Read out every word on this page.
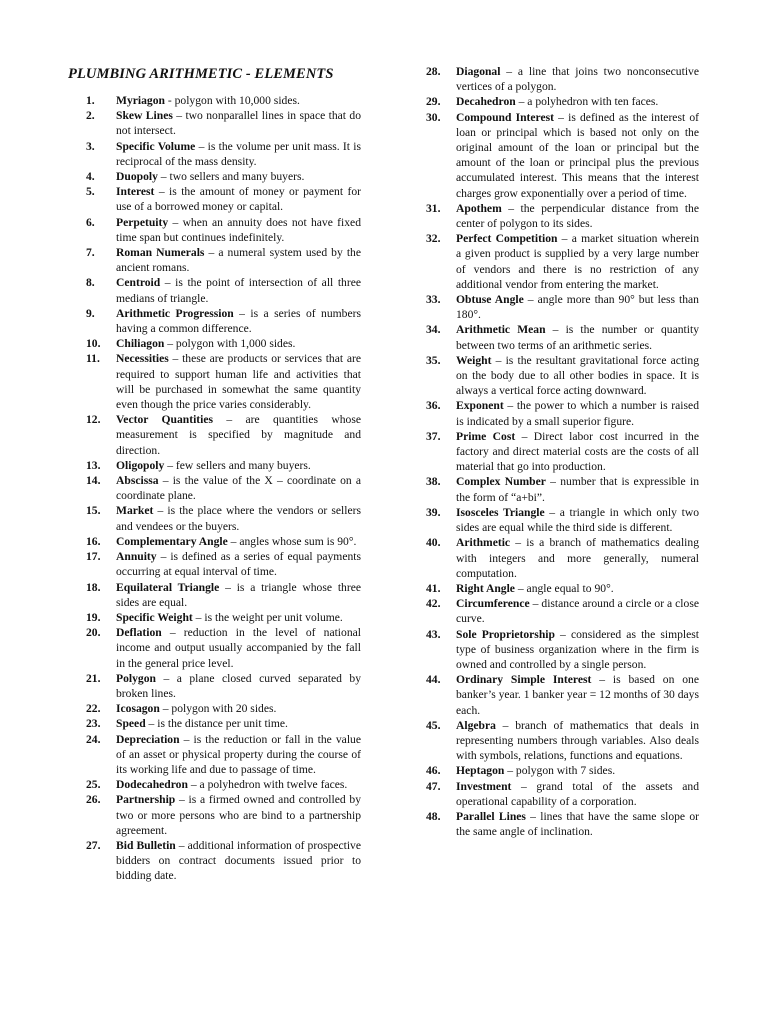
PLUMBING ARITHMETIC - ELEMENTS
1.	Myriagon - polygon with 10,000 sides.
2.	Skew Lines – two nonparallel lines in space that do not intersect.
3.	Specific Volume – is the volume per unit mass. It is reciprocal of the mass density.
4.	Duopoly – two sellers and many buyers.
5.	Interest – is the amount of money or payment for use of a borrowed money or capital.
6.	Perpetuity – when an annuity does not have fixed time span but continues indefinitely.
7.	Roman Numerals – a numeral system used by the ancient romans.
8.	Centroid – is the point of intersection of all three medians of triangle.
9.	Arithmetic Progression – is a series of numbers having a common difference.
10.	Chiliagon – polygon with 1,000 sides.
11.	Necessities – these are products or services that are required to support human life and activities that will be purchased in somewhat the same quantity even though the price varies considerably.
12.	Vector Quantities – are quantities whose measurement is specified by magnitude and direction.
13.	Oligopoly – few sellers and many buyers.
14.	Abscissa – is the value of the X – coordinate on a coordinate plane.
15.	Market – is the place where the vendors or sellers and vendees or the buyers.
16.	Complementary Angle – angles whose sum is 90°.
17.	Annuity – is defined as a series of equal payments occurring at equal interval of time.
18.	Equilateral Triangle – is a triangle whose three sides are equal.
19.	Specific Weight – is the weight per unit volume.
20.	Deflation – reduction in the level of national income and output usually accompanied by the fall in the general price level.
21.	Polygon – a plane closed curved separated by broken lines.
22.	Icosagon – polygon with 20 sides.
23.	Speed – is the distance per unit time.
24.	Depreciation – is the reduction or fall in the value of an asset or physical property during the course of its working life and due to passage of time.
25.	Dodecahedron – a polyhedron with twelve faces.
26.	Partnership – is a firmed owned and controlled by two or more persons who are bind to a partnership agreement.
27.	Bid Bulletin – additional information of prospective bidders on contract documents issued prior to bidding date.
28.	Diagonal – a line that joins two nonconsecutive vertices of a polygon.
29.	Decahedron – a polyhedron with ten faces.
30.	Compound Interest – is defined as the interest of loan or principal which is based not only on the original amount of the loan or principal but the amount of the loan or principal plus the previous accumulated interest. This means that the interest charges grow exponentially over a period of time.
31.	Apothem – the perpendicular distance from the center of polygon to its sides.
32.	Perfect Competition – a market situation wherein a given product is supplied by a very large number of vendors and there is no restriction of any additional vendor from entering the market.
33.	Obtuse Angle – angle more than 90° but less than 180°.
34.	Arithmetic Mean – is the number or quantity between two terms of an arithmetic series.
35.	Weight – is the resultant gravitational force acting on the body due to all other bodies in space. It is always a vertical force acting downward.
36.	Exponent – the power to which a number is raised is indicated by a small superior figure.
37.	Prime Cost – Direct labor cost incurred in the factory and direct material costs are the costs of all material that go into production.
38.	Complex Number – number that is expressible in the form of “a+bi”.
39.	Isosceles Triangle – a triangle in which only two sides are equal while the third side is different.
40.	Arithmetic – is a branch of mathematics dealing with integers and more generally, numeral computation.
41.	Right Angle – angle equal to 90°.
42.	Circumference – distance around a circle or a close curve.
43.	Sole Proprietorship – considered as the simplest type of business organization where in the firm is owned and controlled by a single person.
44.	Ordinary Simple Interest – is based on one banker’s year. 1 banker year = 12 months of 30 days each.
45.	Algebra – branch of mathematics that deals in representing numbers through variables. Also deals with symbols, relations, functions and equations.
46.	Heptagon – polygon with 7 sides.
47.	Investment – grand total of the assets and operational capability of a corporation.
48.	Parallel Lines – lines that have the same slope or the same angle of inclination.
